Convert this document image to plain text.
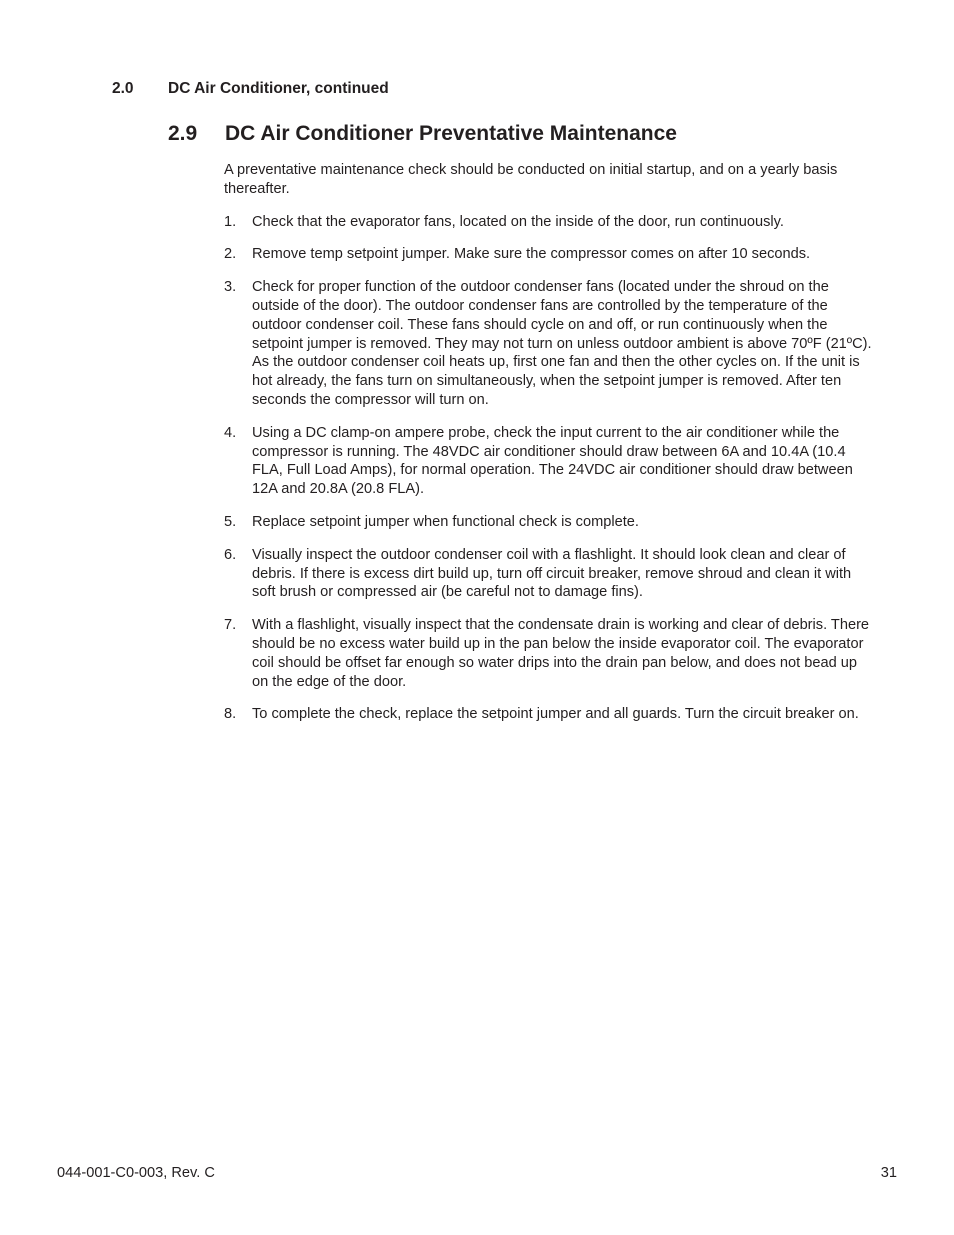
2.0 DC Air Conditioner, continued
2.9 DC Air Conditioner Preventative Maintenance

A preventative maintenance check should be conducted on initial startup, and on a yearly basis thereafter.

1.	Check that the evaporator fans, located on the inside of the door, run continuously.
2.	Remove temp setpoint jumper. Make sure the compressor comes on after 10 seconds.
3.	Check for proper function of the outdoor condenser fans (located under the shroud on the outside of the door). The outdoor condenser fans are controlled by the temperature of the outdoor condenser coil. These fans should cycle on and off, or run continuously when the setpoint jumper is removed. They may not turn on unless outdoor ambient is above 70ºF (21ºC). As the outdoor condenser coil heats up, first one fan and then the other cycles on. If the unit is hot already, the fans turn on simultaneously, when the setpoint jumper is removed. After ten seconds the compressor will turn on.
4.	Using a DC clamp-on ampere probe, check the input current to the air conditioner while the compressor is running. The 48VDC air conditioner should draw between 6A and 10.4A (10.4 FLA, Full Load Amps), for normal operation. The 24VDC air conditioner should draw between 12A and 20.8A (20.8 FLA).
5.	Replace setpoint jumper when functional check is complete.
6.	Visually inspect the outdoor condenser coil with a flashlight. It should look clean and clear of debris. If there is excess dirt build up, turn off circuit breaker, remove shroud and clean it with soft brush or compressed air (be careful not to damage fins).
7.	With a flashlight, visually inspect that the condensate drain is working and clear of debris. There should be no excess water build up in the pan below the inside evaporator coil. The evaporator coil should be offset far enough so water drips into the drain pan below, and does not bead up on the edge of the door.
8.	To complete the check, replace the setpoint jumper and all guards. Turn the circuit breaker on.
044-001-C0-003, Rev. C	31
